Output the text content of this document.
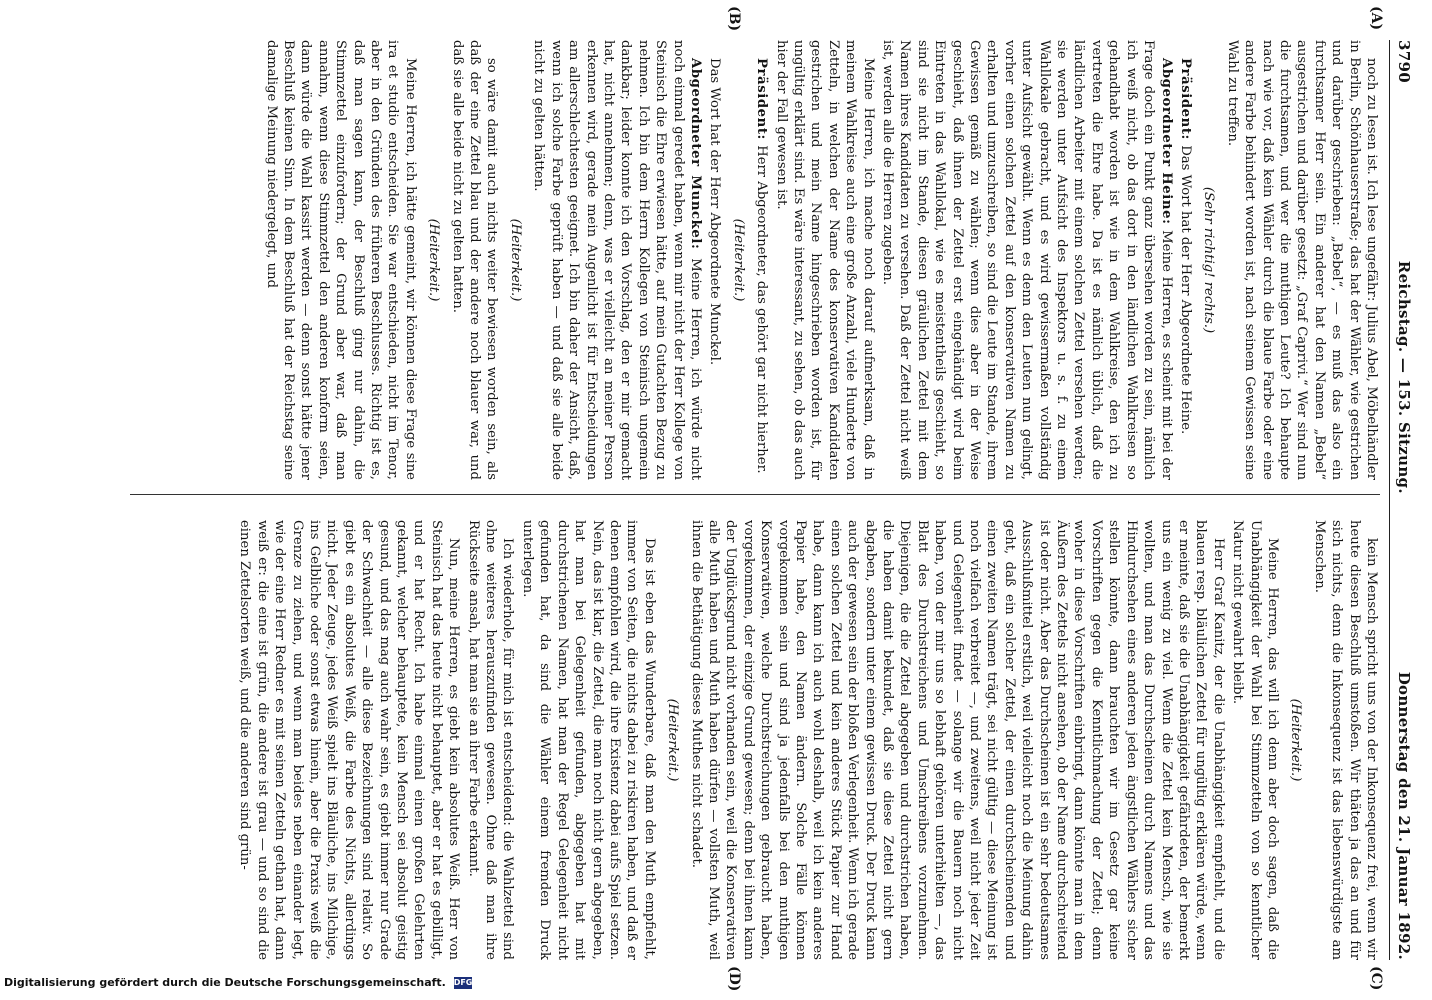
3790
Reichstag. — 153. Sitzung.
Donnerstag den 21. Januar 1892.
(A)
(B)
(C)
(D)

noch zu lesen ist. Ich lese ungefähr: Julius Abel, Möbelhändler in Berlin, Schönhauserstraße; das hat der Wähler, wie gestrichen und darüber geschrieben: „Bebel“, — es muß das also ein furchtsamer Herr sein. Ein anderer hat den Namen „Bebel“ ausgestrichen und darüber gesetzt: „Graf Caprivi.“ Wer sind nun die furchtsamen, und wer die muthigen Leute? Ich behaupte nach wie vor, daß kein Wähler durch die blaue Farbe oder eine andere Farbe behindert worden ist, nach seinem Gewissen seine Wahl zu treffen.

(Sehr richtig! rechts.)

Präsident: Das Wort hat der Herr Abgeordnete Heine.

Abgeordneter Heine: Meine Herren, es scheint mit bei der Frage doch ein Punkt ganz übersehen worden zu sein, nämlich ich weiß nicht, ob das dort in den ländlichen Wahlkreisen so gehandhabt worden ist wie in dem Wahlkreise, den ich zu vertreten die Ehre habe. Da ist es nämlich üblich, daß die ländlichen Arbeiter mit einem solchen Zettel versehen werden; sie werden unter Aufsicht des Inspektors u. s. f. zu einem Wahllokale gebracht, und es wird gewissermaßen vollständig unter Aufsicht gewählt. Wenn es denn den Leuten nun gelingt, vorher einen solchen Zettel auf den konservativen Namen zu erhalten und umzuschreiben, so sind die Leute im Stande, ihrem Gewissen gemäß zu wählen; wenn dies aber in der Weise geschieht, daß ihnen der Zettel erst eingehändigt wird beim Eintreten in das Wahllokal, wie es meistentheils geschieht, so sind sie nicht im Stande, diesen gräulichen Zettel mit dem Namen ihres Kandidaten zu versehen. Daß der Zettel nicht weiß ist, werden alle die Herren zugeben.

Meine Herren, ich mache noch darauf aufmerksam, daß in meinem Wahlkreise auch eine große Anzahl, viele Hunderte von Zetteln, in welchen der Name des konservativen Kandidaten gestrichen und mein Name hingeschrieben worden ist, für ungültig erklärt sind. Es wäre interessant, zu sehen, ob das auch hier der Fall gewesen ist.

Präsident: Herr Abgeordneter, das gehört gar nicht hierher.

(Heiterkeit.)

Das Wort hat der Herr Abgeordnete Munckel.

Abgeordneter Munckel: Meine Herren, ich würde nicht noch einmal geredet haben, wenn mir nicht der Herr Kollege von Steinisch die Ehre erwiesen hätte, auf mein Gutachten Bezug zu nehmen. Ich bin dem Herrn Kollegen von Steinisch ungemein dankbar; leider konnte ich den Vorschlag, den er mir gemacht hat, nicht annehmen; denn, was er vielleicht an meiner Person erkennen wird, gerade mein Augenlicht ist für Entscheidungen am allerschlechtesten geeignet. Ich bin daher der Ansicht, daß, wenn ich solche Farbe geprüft haben — und daß sie alle beide nicht zu gelten hätten.

(Heiterkeit.)

so wäre damit auch nichts weiter bewiesen worden sein, als daß der eine Zettel blau und der andere noch blauer war, und daß sie alle beide nicht zu gelten hatten.

(Heiterkeit.)

Meine Herren, ich hätte gemeint, wir können diese Frage sine ira et studio entscheiden. Sie war entschieden, nicht im Tenor, aber in den Gründen des früheren Beschlusses. Richtig ist es, daß man sagen kann, der Beschluß ging nur dahin, die Stimmzettel einzufordern; der Grund aber war, daß man annahm, wenn diese Stimmzettel den anderen konform seien, dann würde die Wahl kassirt werden — denn sonst hätte jener Beschluß keinen Sinn. In dem Beschluß hat der Reichstag seine damalige Meinung niedergelegt, und

kein Mensch spricht uns von der Inkonsequenz frei, wenn wir heute diesen Beschluß umstoßen. Wir thäten ja das an und für sich nichts, denn die Inkonsequenz ist das liebenswürdigste am Menschen.

(Heiterkeit.)

Meine Herren, das will ich denn aber doch sagen, daß die Unabhängigkeit der Wahl bei Stimmzetteln von so kenntlicher Natur nicht gewahrt bleibt.

Herr Graf Kanitz, der die Unabhängigkeit empfiehlt, und die blauen resp. bläulichen Zettel für ungültig erklären würde, wenn er meinte, daß sie die Unabhängigkeit gefährdeten, der bemerkt uns ein wenig zu viel. Wenn die Zettel kein Mensch, wie sie wollten, und man das Durchscheinen durch Namens und das Hindurchsehen eines anderen jeden ängstlichen Wählers sicher stellen könnte, dann brauchten wir im Gesetz gar keine Vorschriften gegen die Kenntlichmachung der Zettel; denn woher in diese Vorschriften einbringt, dann könnte man in dem Äußern des Zettels nicht ansehen, ob der Name durchschreitend ist oder nicht. Aber das Durchscheinen ist ein sehr bedeutsames Ausschlußmittel erstlich, weil vielleicht noch die Meinung dahin geht, daß ein solcher Zettel, der einen durchscheinenden und einen zweiten Namen trägt, sei nicht gültig — diese Meinung ist noch vielfach verbreitet —, und zweitens, weil nicht jeder Zeit und Gelegenheit findet — solange wir die Bauern noch nicht haben, von der mir uns so lebhaft gehören unterhielten —, das Blatt des Durchstreichens und Umschreibens vorzunehmen. Diejenigen, die die Zettel abgegeben und durchstrichen haben, die haben damit bekundet, daß sie diese Zettel nicht gern abgaben, sondern unter einem gewissen Druck. Der Druck kann auch der gewesen sein der bloßen Verlegenheit. Wenn ich gerade einen solchen Zettel und kein anderes Stück Papier zur Hand habe, dann kann ich auch wohl deshalb, weil ich kein anderes Papier habe, den Namen ändern. Solche Fälle können vorgekommen sein und sind ja jedenfalls bei den muthigen Konservativen, welche Durchstreichungen gebraucht haben, vorgekommen, der einzige Grund gewesen; denn bei ihnen kann der Unglücksgrund nicht vorhanden sein, weil die Konservativen alle Muth haben und Muth haben dürfen — vollsten Muth, weil ihnen die Bethätigung dieses Muthes nicht schadet.

(Heiterkeit.)

Das ist eben das Wunderbare, daß man den Muth empfiehlt, immer von Seiten, die nichts dabei zu riskiren haben, und daß er denen empfohlen wird, die ihre Existenz dabei aufs Spiel setzen. Nein, das ist klar, die Zettel, die man noch nicht gern abgegeben, hat man bei Gelegenheit gefunden, abgegeben hat mit durchstrichenen Namen, hat man der Regel Gelegenheit nicht gefunden hat, da sind die Wähler einem fremden Druck unterlegen.

Ich wiederhole, für mich ist entscheidend: die Wahlzettel sind ohne weiteres herauszufinden gewesen. Ohne daß man ihre Rückseite ansah, hat man sie an ihrer Farbe erkannt.

Nun, meine Herren, es giebt kein absolutes Weiß. Herr von Steinisch hat das heute nicht behauptet, aber er hat es gebilligt, und er hat Recht. Ich habe einmal einen großen Gelehrten gekannt, welcher behauptete, kein Mensch sei absolut geistig gesund, und das mag auch wahr sein, es giebt immer nur Grade der Schwachheit — alle diese Bezeichnungen sind relativ. So giebt es ein absolutes Weiß, die Farbe des Nichts, allerdings nicht. Jeder Zeuge, jedes Weiß spielt ins Bläuliche, ins Milchige, ins Gelbliche oder sonst etwas hinein, aber die Praxis weiß die Grenze zu ziehen, und wenn man beides neben einander legt, wie der eine Herr Redner es mit seinen Zetteln gethan hat, dann weiß er: die eine ist grün, die andere ist grau — und so sind die einen Zettelsorten weiß, und die anderen sind grün-

Digitalisierung gefördert durch die Deutsche Forschungsgemeinschaft. DFG
